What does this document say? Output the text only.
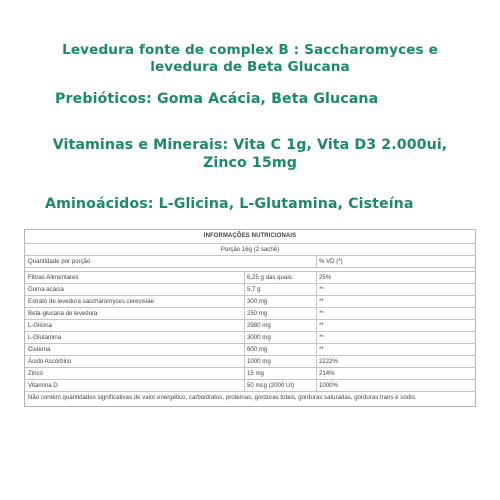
Levedura fonte de complex B : Saccharomyces e
levedura de Beta Glucana
Prebióticos: Goma Acácia, Beta Glucana
Vitaminas e Minerais: Vita C 1g, Vita D3 2.000ui,
Zinco 15mg
Aminoácidos: L-Glicina, L-Glutamina, Cisteína
INFORMAÇÕES NUTRICIONAIS
Porção 16g (2 sachê)
Quantidade por porção	% VD (*)
Fibras Alimentares	6,25 g das quais:	25%
Goma acácia	5,7 g	**
Extrato de levedura saccharomyces cerevisiae	300 mg	**
Beta-glucana de levedura	250 mg	**
L-Glicina	2980 mg	**
L-Glutamina	3000 mg	**
Cisteína	600 mg	**
Ácido Ascórbico	1000 mg	2222%
Zinco	15 mg	214%
Vitamina D	50 mcg (2000 UI)	1000%
Não contém quantidades significativas de valor energético, carboidratos, proteínas, gorduras totais, gorduras saturadas, gorduras trans e sódio.
